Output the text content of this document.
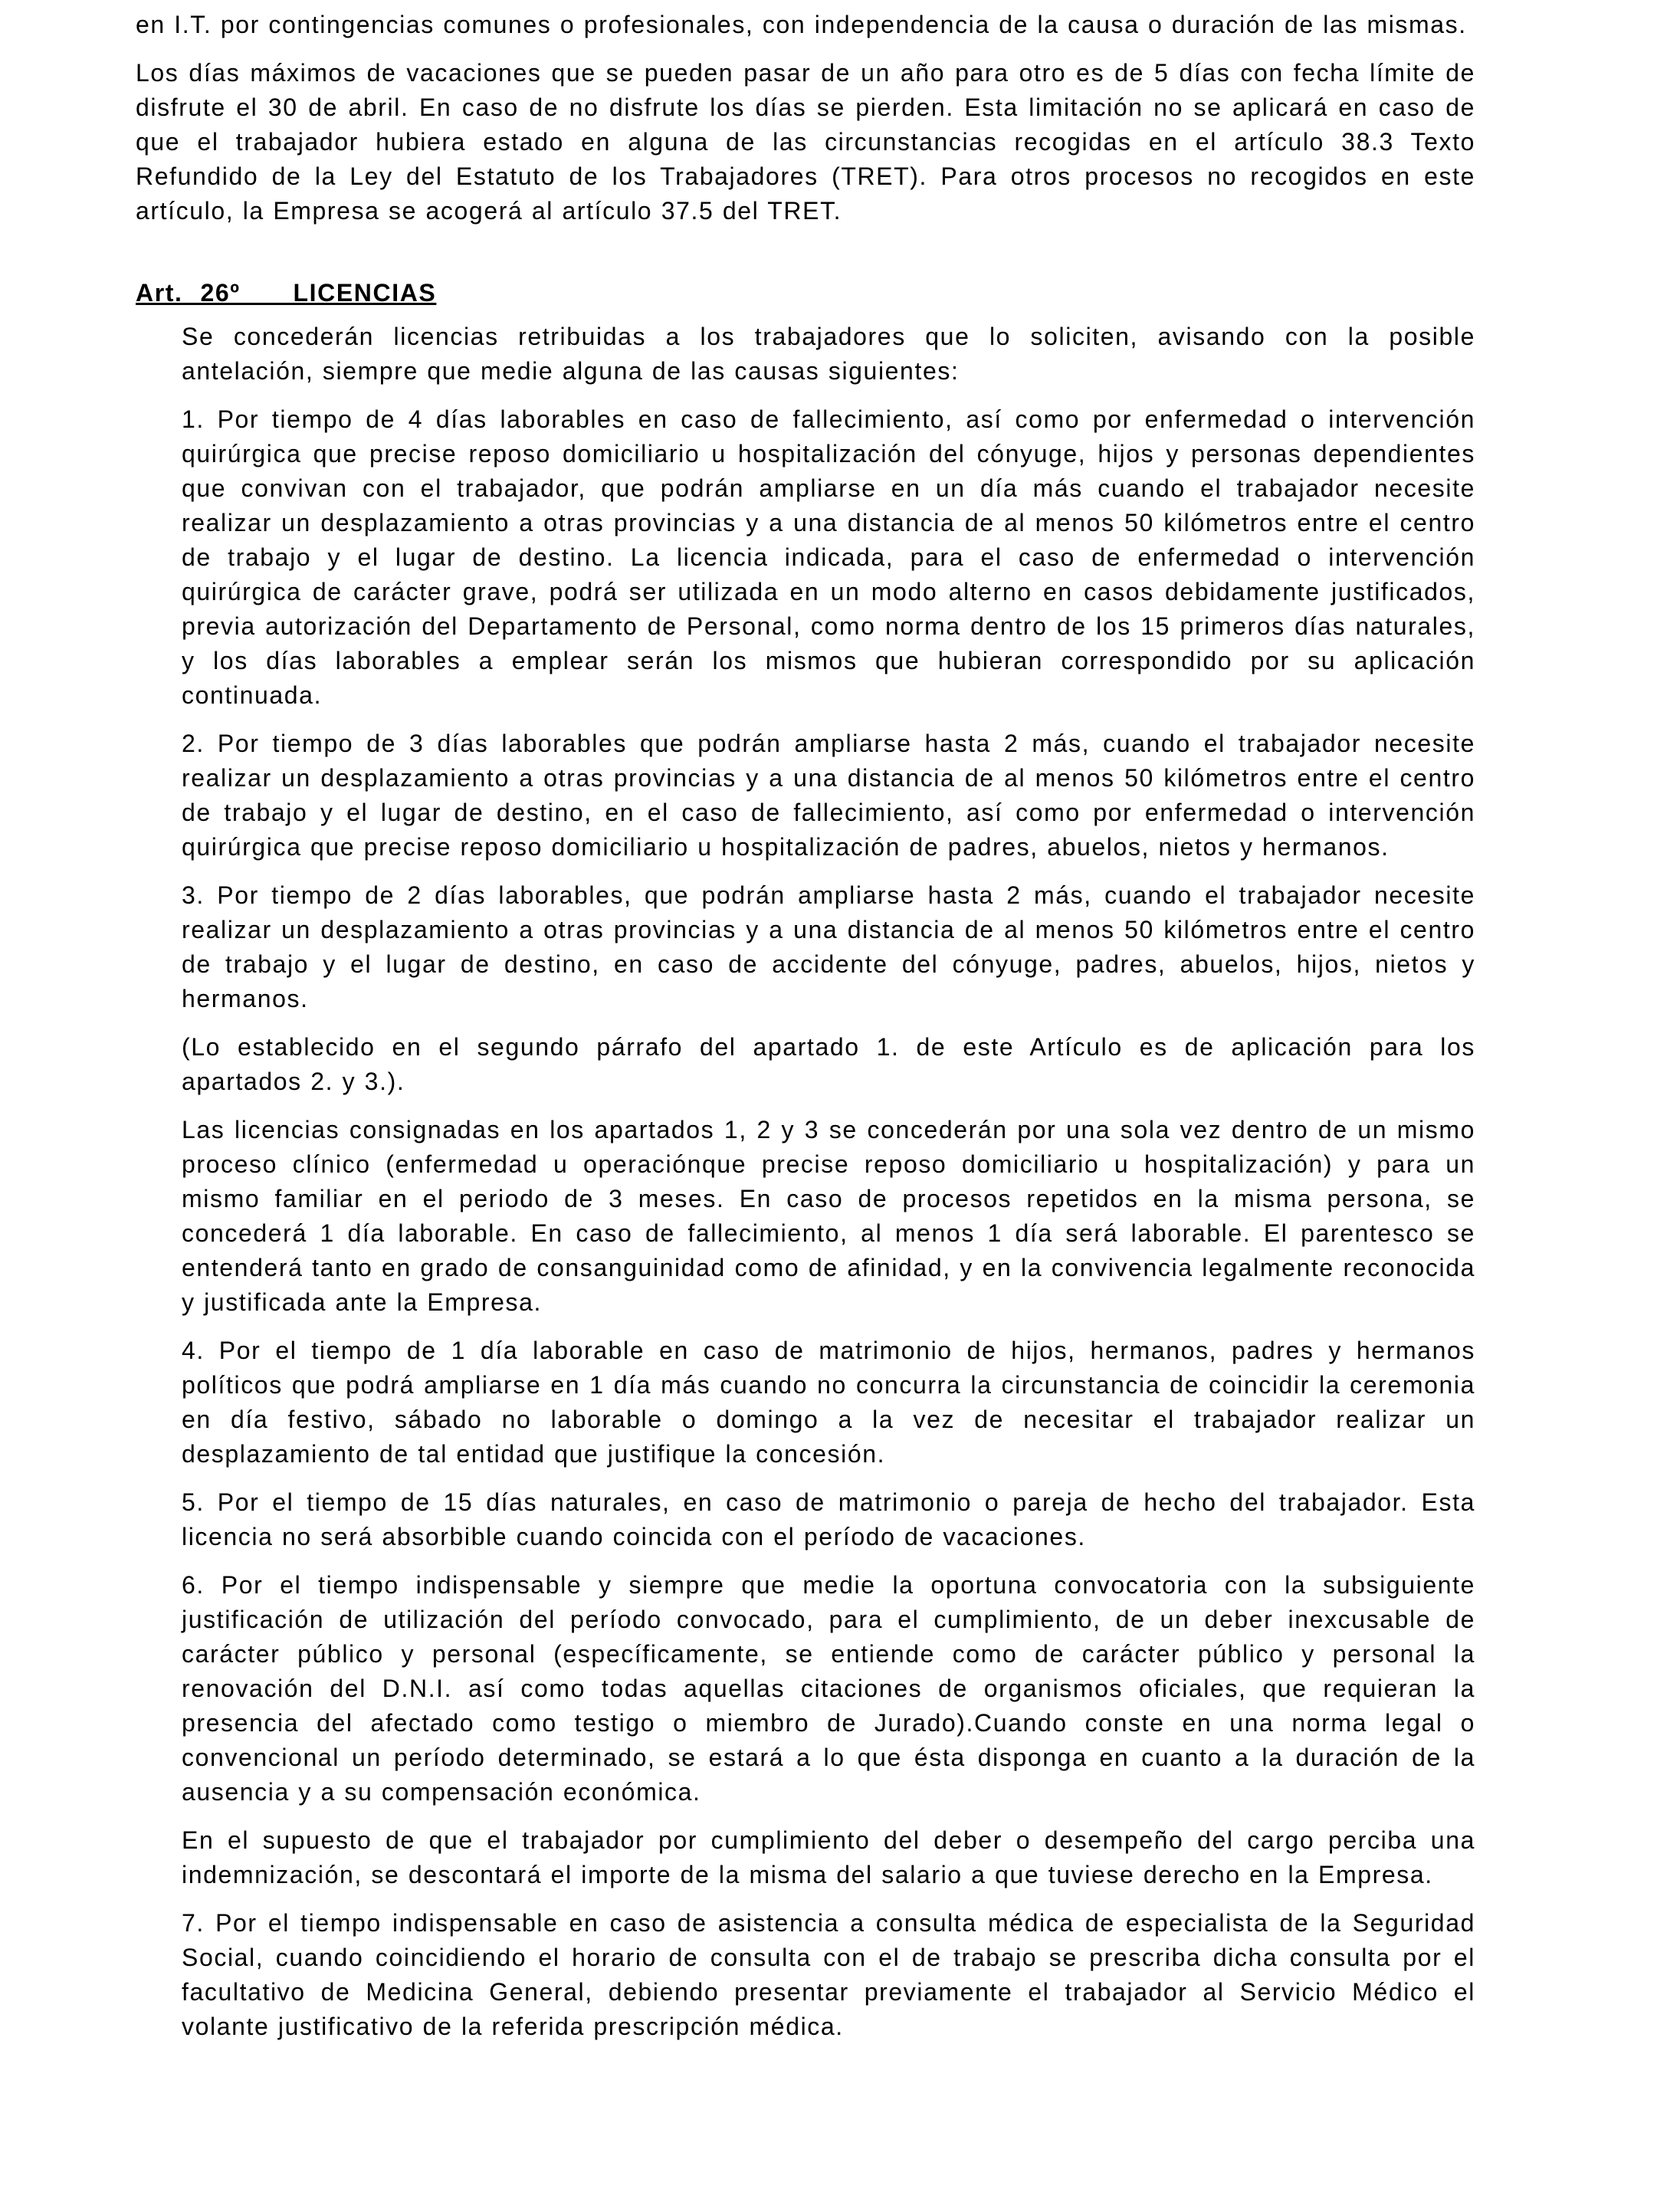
en I.T. por contingencias comunes o profesionales, con independencia de la causa o duración de las mismas.

Los días máximos de vacaciones que se pueden pasar de un año para otro es de 5 días con fecha límite de disfrute el 30 de abril. En caso de no disfrute los días se pierden. Esta limitación no se aplicará en caso de que el trabajador hubiera estado en alguna de las circunstancias recogidas en el artículo 38.3 Texto Refundido de la Ley del Estatuto de los Trabajadores (TRET). Para otros procesos no recogidos en este artículo, la Empresa se acogerá al artículo 37.5 del TRET.

Art.  26º      LICENCIAS

Se concederán licencias retribuidas a los trabajadores que lo soliciten, avisando con la posible antelación, siempre que medie alguna de las causas siguientes:

1. Por tiempo de 4 días laborables en caso de fallecimiento, así como por enfermedad o intervención quirúrgica que precise reposo domiciliario u hospitalización del cónyuge, hijos y personas dependientes que convivan con el trabajador, que podrán ampliarse en un día más cuando el trabajador necesite realizar un desplazamiento a otras provincias y a una distancia de al menos 50 kilómetros entre el centro de trabajo y el lugar de destino. La licencia indicada, para el caso de enfermedad o intervención quirúrgica de carácter grave, podrá ser utilizada en un modo alterno en casos debidamente justificados, previa autorización del Departamento de Personal, como norma dentro de los 15 primeros días naturales, y los días laborables a emplear serán los mismos que hubieran correspondido por su aplicación continuada.

2. Por tiempo de 3 días laborables que podrán ampliarse hasta 2 más, cuando el trabajador necesite realizar un desplazamiento a otras provincias y a una distancia de al menos 50 kilómetros entre el centro de trabajo y el lugar de destino, en el caso de fallecimiento, así como por enfermedad o intervención quirúrgica que precise reposo domiciliario u hospitalización de padres, abuelos, nietos y hermanos.

3. Por tiempo de 2 días laborables, que podrán ampliarse hasta 2 más, cuando el trabajador necesite realizar un desplazamiento a otras provincias y a una distancia de al menos 50 kilómetros entre el centro de trabajo y el lugar de destino, en caso de accidente del cónyuge, padres, abuelos, hijos, nietos y hermanos.

(Lo establecido en el segundo párrafo del apartado 1. de este Artículo es de aplicación para los apartados 2. y 3.).

Las licencias consignadas en los apartados 1, 2 y 3 se concederán por una sola vez dentro de un mismo proceso clínico (enfermedad u operaciónque precise reposo domiciliario u hospitalización) y para un mismo familiar en el periodo de 3 meses. En caso de procesos repetidos en la misma persona, se concederá 1 día laborable. En caso de fallecimiento, al menos 1 día será laborable. El parentesco se entenderá tanto en grado de consanguinidad como de afinidad, y en la convivencia legalmente reconocida y justificada ante la Empresa.

4. Por el tiempo de 1 día laborable en caso de matrimonio de hijos, hermanos, padres y hermanos políticos que podrá ampliarse en 1 día más cuando no concurra la circunstancia de coincidir la ceremonia en día festivo, sábado no laborable o domingo a la vez de necesitar el trabajador realizar un desplazamiento de tal entidad que justifique la concesión.

5. Por el tiempo de 15 días naturales, en caso de matrimonio o pareja de hecho del trabajador. Esta licencia no será absorbible cuando coincida con el período de vacaciones.

6. Por el tiempo indispensable y siempre que medie la oportuna convocatoria con la subsiguiente justificación de utilización del período convocado, para el cumplimiento, de un deber inexcusable de carácter público y personal (específicamente, se entiende como de carácter público y personal la renovación del D.N.I. así como todas aquellas citaciones de organismos oficiales, que requieran la presencia del afectado como testigo o miembro de Jurado).Cuando conste en una norma legal o convencional un período determinado, se estará a lo que ésta disponga en cuanto a la duración de la ausencia y a su compensación económica.

En el supuesto de que el trabajador por cumplimiento del deber o desempeño del cargo perciba una indemnización, se descontará el importe de la misma del salario a que tuviese derecho en la Empresa.

7. Por el tiempo indispensable en caso de asistencia a consulta médica de especialista de la Seguridad Social, cuando coincidiendo el horario de consulta con el de trabajo se prescriba dicha consulta por el facultativo de Medicina General, debiendo presentar previamente el trabajador al Servicio Médico el volante justificativo de la referida prescripción médica.
